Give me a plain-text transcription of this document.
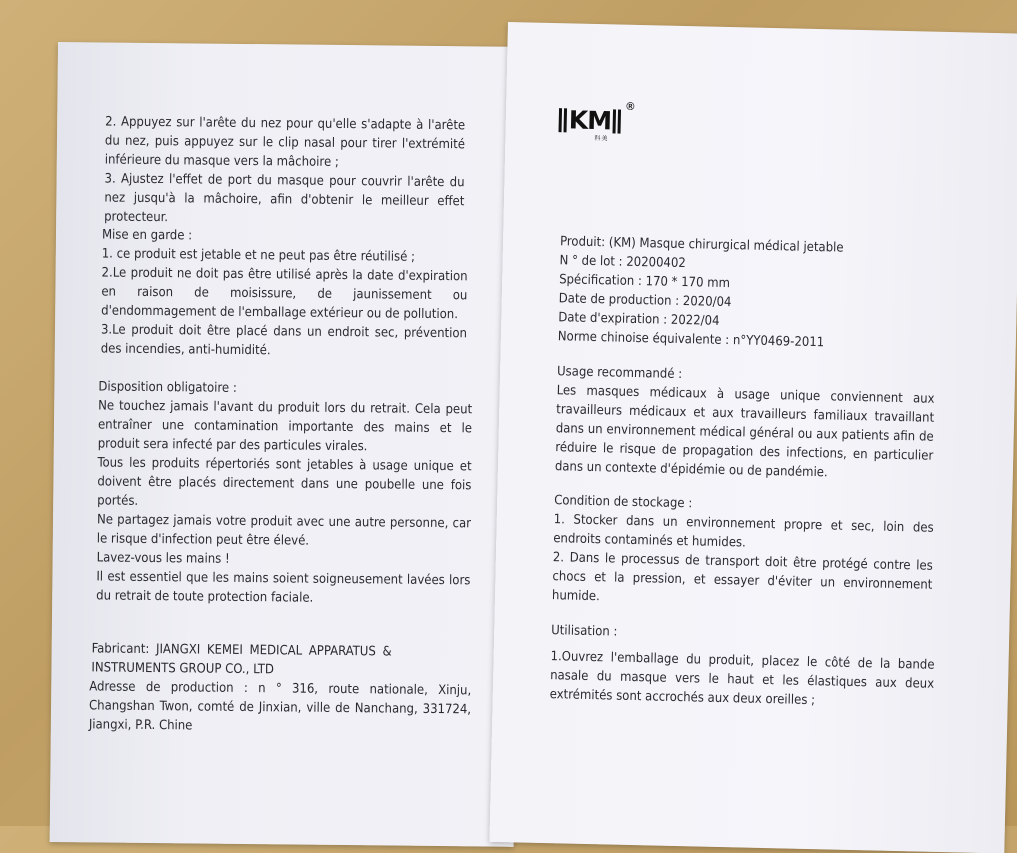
2. Appuyez sur l'arête du nez pour qu'elle s'adapte à l'arête du nez, puis appuyez sur le clip nasal pour tirer l'extrémité inférieure du masque vers la mâchoire ;
3. Ajustez l'effet de port du masque pour couvrir l'arête du nez jusqu'à la mâchoire, afin d'obtenir le meilleur effet protecteur.
Mise en garde :
1. ce produit est jetable et ne peut pas être réutilisé ;
2.Le produit ne doit pas être utilisé après la date d'expiration en raison de moisissure, de jaunissement ou d'endommagement de l'emballage extérieur ou de pollution.
3.Le produit doit être placé dans un endroit sec, prévention des incendies, anti-humidité.
Disposition obligatoire :
Ne touchez jamais l'avant du produit lors du retrait. Cela peut entraîner une contamination importante des mains et le produit sera infecté par des particules virales.
Tous les produits répertoriés sont jetables à usage unique et doivent être placés directement dans une poubelle une fois portés.
Ne partagez jamais votre produit avec une autre personne, car le risque d'infection peut être élevé.
Lavez-vous les mains !
Il est essentiel que les mains soient soigneusement lavées lors du retrait de toute protection faciale.
Fabricant: JIANGXI KEMEI MEDICAL APPARATUS & INSTRUMENTS GROUP CO., LTD
Adresse de production : n ° 316, route nationale, Xinju, Changshan Twon, comté de Jinxian, ville de Nanchang, 331724, Jiangxi, P.R. Chine
KM ®
科美
Produit: (KM) Masque chirurgical médical jetable
N ° de lot : 20200402
Spécification : 170 * 170 mm
Date de production : 2020/04
Date d'expiration : 2022/04
Norme chinoise équivalente : n°YY0469-2011
Usage recommandé :
Les masques médicaux à usage unique conviennent aux travailleurs médicaux et aux travailleurs familiaux travaillant dans un environnement médical général ou aux patients afin de réduire le risque de propagation des infections, en particulier dans un contexte d'épidémie ou de pandémie.
Condition de stockage :
1. Stocker dans un environnement propre et sec, loin des endroits contaminés et humides.
2. Dans le processus de transport doit être protégé contre les chocs et la pression, et essayer d'éviter un environnement humide.
Utilisation :
1.Ouvrez l'emballage du produit, placez le côté de la bande nasale du masque vers le haut et les élastiques aux deux extrémités sont accrochés aux deux oreilles ;
